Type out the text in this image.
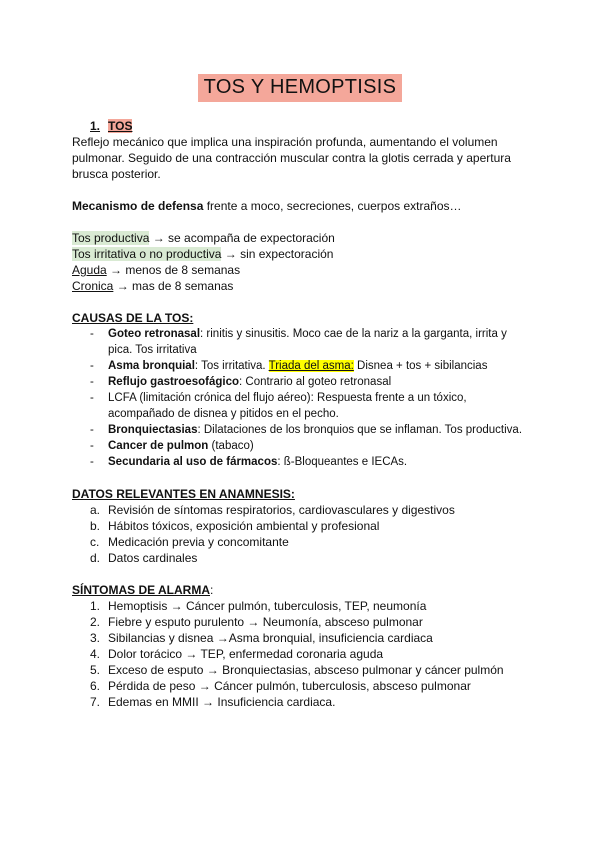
TOS Y HEMOPTISIS

1. TOS

Reflejo mecánico que implica una inspiración profunda, aumentando el volumen pulmonar. Seguido de una contracción muscular contra la glotis cerrada y apertura brusca posterior.

Mecanismo de defensa frente a moco, secreciones, cuerpos extraños…

Tos productiva → se acompaña de expectoración

Tos irritativa o no productiva → sin expectoración

Aguda → menos de 8 semanas

Cronica → mas de 8 semanas

CAUSAS DE LA TOS:

- Goteo retronasal: rinitis y sinusitis. Moco cae de la nariz a la garganta, irrita y pica. Tos irritativa
- Asma bronquial: Tos irritativa. Triada del asma: Disnea + tos + sibilancias
- Reflujo gastroesofágico: Contrario al goteo retronasal
- LCFA (limitación crónica del flujo aéreo): Respuesta frente a un tóxico, acompañado de disnea y pitidos en el pecho.
- Bronquiectasias: Dilataciones de los bronquios que se inflaman. Tos productiva.
- Cancer de pulmon (tabaco)
- Secundaria al uso de fármacos: ß-Bloqueantes e IECAs.

DATOS RELEVANTES EN ANAMNESIS:

a. Revisión de síntomas respiratorios, cardiovasculares y digestivos
b. Hábitos tóxicos, exposición ambiental y profesional
c. Medicación previa y concomitante
d. Datos cardinales

SÍNTOMAS DE ALARMA:

1. Hemoptisis → Cáncer pulmón, tuberculosis, TEP, neumonía
2. Fiebre y esputo purulento → Neumonía, absceso pulmonar
3. Sibilancias y disnea →Asma bronquial, insuficiencia cardiaca
4. Dolor torácico → TEP, enfermedad coronaria aguda
5. Exceso de esputo → Bronquiectasias, absceso pulmonar y cáncer pulmón
6. Pérdida de peso → Cáncer pulmón, tuberculosis, absceso pulmonar
7. Edemas en MMII → Insuficiencia cardiaca.
